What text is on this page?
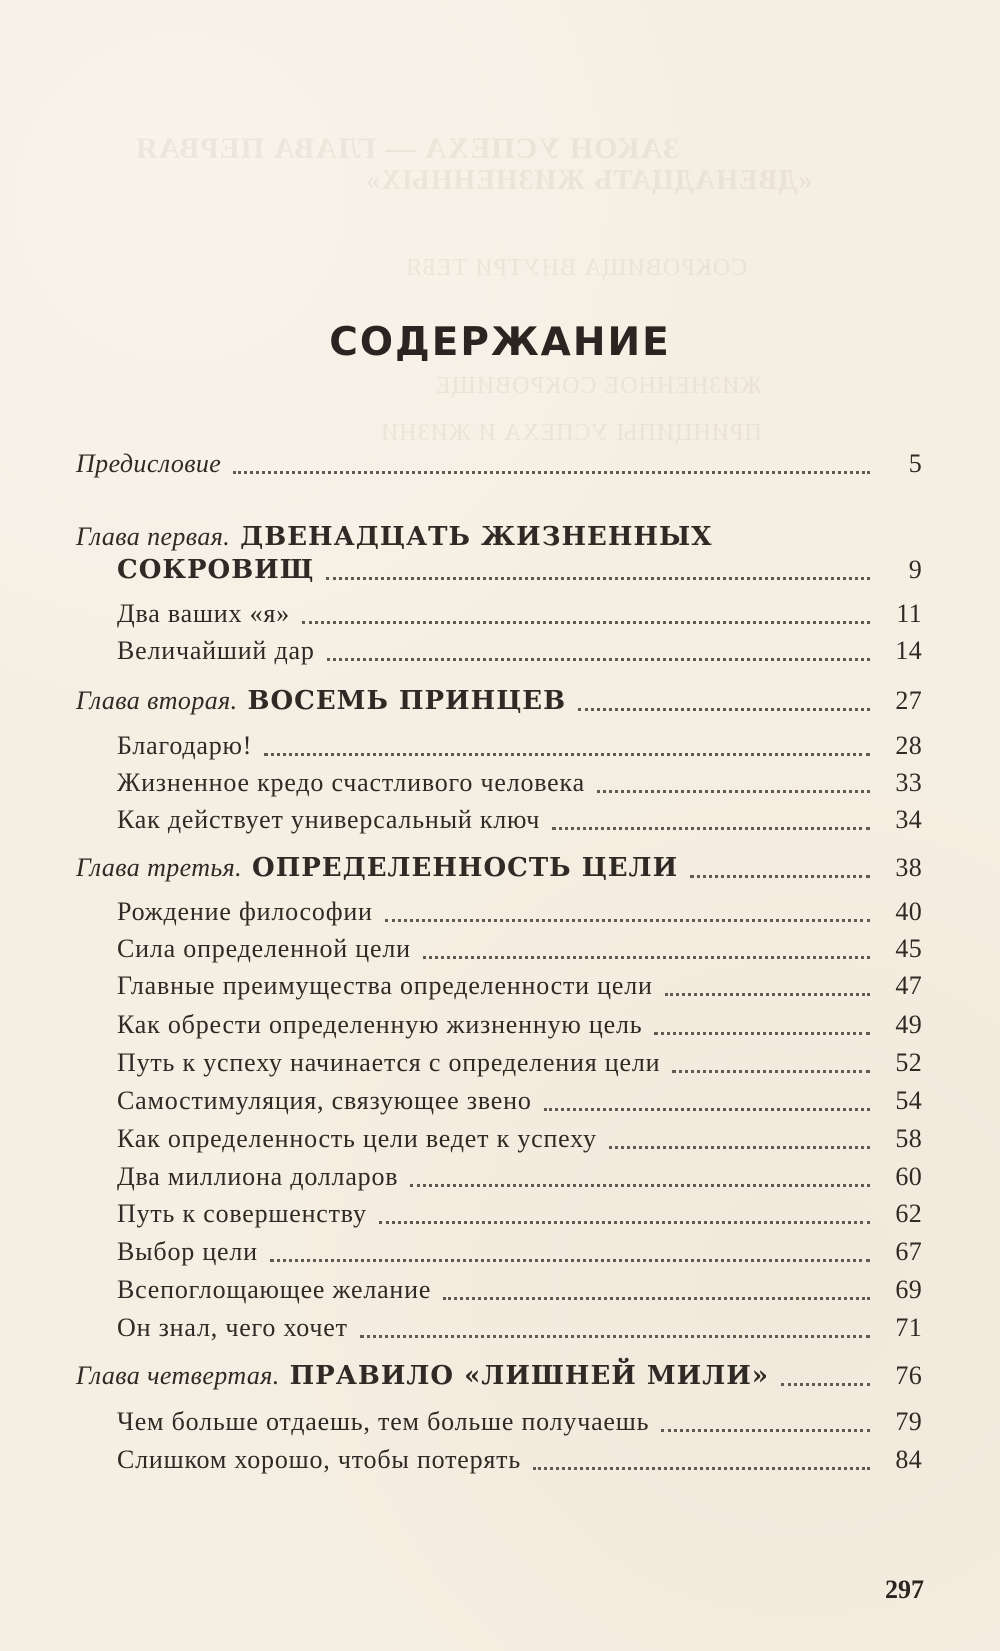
ЗАКОН УСПЕХА — ГЛАВА ПЕРВАЯ
«ДВЕНАДЦАТЬ ЖИЗНЕННЫХ»
СОКРОВИЩА ВНУТРИ ТЕБЯ
ЖИЗНЕННОЕ СОКРОВИЩЕ
ПРИНЦИПЫ УСПЕХА И ЖИЗНИ
СОДЕРЖАНИЕ
Предисловие	5
Глава первая. ДВЕНАДЦАТЬ ЖИЗНЕННЫХ
СОКРОВИЩ	9
Два ваших «я»	11
Величайший дар	14
Глава вторая. ВОСЕМЬ ПРИНЦЕВ	27
Благодарю!	28
Жизненное кредо счастливого человека	33
Как действует универсальный ключ	34
Глава третья. ОПРЕДЕЛЕННОСТЬ ЦЕЛИ	38
Рождение философии	40
Сила определенной цели	45
Главные преимущества определенности цели	47
Как обрести определенную жизненную цель	49
Путь к успеху начинается с определения цели	52
Самостимуляция, связующее звено	54
Как определенность цели ведет к успеху	58
Два миллиона долларов	60
Путь к совершенству	62
Выбор цели	67
Всепоглощающее желание	69
Он знал, чего хочет	71
Глава четвертая. ПРАВИЛО «ЛИШНЕЙ МИЛИ»	76
Чем больше отдаешь, тем больше получаешь	79
Слишком хорошо, чтобы потерять	84
297
